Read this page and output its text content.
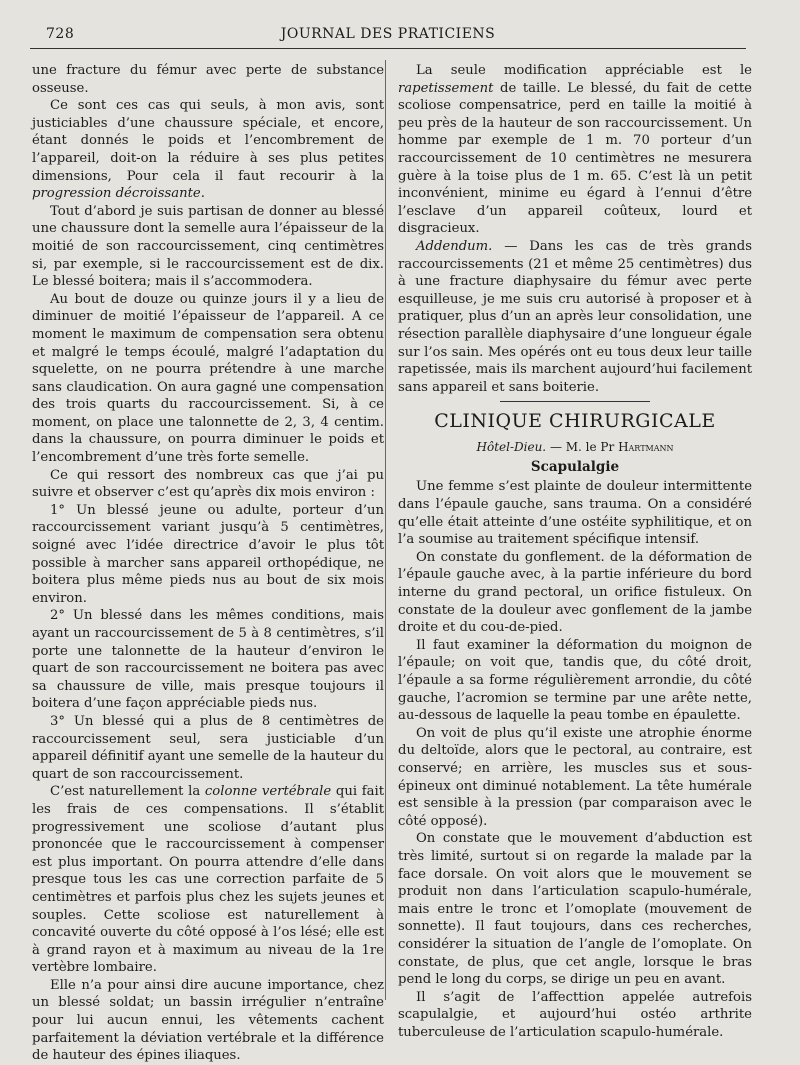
728	JOURNAL DES PRATICIENS

une fracture du fémur avec perte de substance osseuse.

Ce sont ces cas qui seuls, à mon avis, sont justiciables d’une chaussure spéciale, et encore, étant donnés le poids et l’encombrement de l’appareil, doit-on la réduire à ses plus petites dimensions, Pour cela il faut recourir à la progression décroissante.

Tout d’abord je suis partisan de donner au blessé une chaussure dont la semelle aura l’épaisseur de la moitié de son raccourcissement, cinq centimètres si, par exemple, si le raccourcissement est de dix. Le blessé boitera; mais il s’accommodera.

Au bout de douze ou quinze jours il y a lieu de diminuer de moitié l’épaisseur de l’appareil. A ce moment le maximum de compensation sera obtenu et malgré le temps écoulé, malgré l’adaptation du squelette, on ne pourra prétendre à une marche sans claudication. On aura gagné une compensation des trois quarts du raccourcissement. Si, à ce moment, on place une talonnette de 2, 3, 4 centim. dans la chaussure, on pourra diminuer le poids et l’encombrement d’une très forte semelle.

Ce qui ressort des nombreux cas que j’ai pu suivre et observer c’est qu’après dix mois environ :

1° Un blessé jeune ou adulte, porteur d’un raccourcissement variant jusqu’à 5 centimètres, soigné avec l’idée directrice d’avoir le plus tôt possible à marcher sans appareil orthopédique, ne boitera plus même pieds nus au bout de six mois environ.

2° Un blessé dans les mêmes conditions, mais ayant un raccourcissement de 5 à 8 centimètres, s’il porte une talonnette de la hauteur d’environ le quart de son raccourcissement ne boitera pas avec sa chaussure de ville, mais presque toujours il boitera d’une façon appréciable pieds nus.

3° Un blessé qui a plus de 8 centimètres de raccourcissement seul, sera justiciable d’un appareil définitif ayant une semelle de la hauteur du quart de son raccourcissement.

C’est naturellement la colonne vertébrale qui fait les frais de ces compensations. Il s’établit progressivement une scoliose d’autant plus prononcée que le raccourcissement à compenser est plus important. On pourra attendre d’elle dans presque tous les cas une correction parfaite de 5 centimètres et parfois plus chez les sujets jeunes et souples. Cette scoliose est naturellement à concavité ouverte du côté opposé à l’os lésé; elle est à grand rayon et à maximum au niveau de la 1re vertèbre lombaire.

Elle n’a pour ainsi dire aucune importance, chez un blessé soldat; un bassin irrégulier n’entraîne pour lui aucun ennui, les vêtements cachent parfaitement la déviation vertébrale et la différence de hauteur des épines iliaques.

La seule modification appréciable est le rapetissement de taille. Le blessé, du fait de cette scoliose compensatrice, perd en taille la moitié à peu près de la hauteur de son raccourcissement. Un homme par exemple de 1 m. 70 porteur d’un raccourcissement de 10 centimètres ne mesurera guère à la toise plus de 1 m. 65. C’est là un petit inconvénient, minime eu égard à l’ennui d’être l’esclave d’un appareil coûteux, lourd et disgracieux.

Addendum. — Dans les cas de très grands raccourcissements (21 et même 25 centimètres) dus à une fracture diaphysaire du fémur avec perte esquilleuse, je me suis cru autorisé à proposer et à pratiquer, plus d’un an après leur consolidation, une résection parallèle diaphysaire d’une longueur égale sur l’os sain. Mes opérés ont eu tous deux leur taille rapetissée, mais ils marchent aujourd’hui facilement sans appareil et sans boiterie.

CLINIQUE CHIRURGICALE

Hôtel-Dieu. — M. le Pr Hartmann

Scapulalgie

Une femme s’est plainte de douleur intermittente dans l’épaule gauche, sans trauma. On a considéré qu’elle était atteinte d’une ostéite syphilitique, et on l’a soumise au traitement spécifique intensif.

On constate du gonflement. de la déformation de l’épaule gauche avec, à la partie inférieure du bord interne du grand pectoral, un orifice fistuleux. On constate de la douleur avec gonflement de la jambe droite et du cou-de-pied.

Il faut examiner la déformation du moignon de l’épaule; on voit que, tandis que, du côté droit, l’épaule a sa forme régulièrement arrondie, du côté gauche, l’acromion se termine par une arête nette, au-dessous de laquelle la peau tombe en épaulette.

On voit de plus qu’il existe une atrophie énorme du deltoïde, alors que le pectoral, au contraire, est conservé; en arrière, les muscles sus et sous-épineux ont diminué notablement. La tête humérale est sensible à la pression (par comparaison avec le côté opposé).

On constate que le mouvement d’abduction est très limité, surtout si on regarde la malade par la face dorsale. On voit alors que le mouvement se produit non dans l’articulation scapulo-humérale, mais entre le tronc et l’omoplate (mouvement de sonnette). Il faut toujours, dans ces recherches, considérer la situation de l’angle de l’omoplate. On constate, de plus, que cet angle, lorsque le bras pend le long du corps, se dirige un peu en avant.

Il s’agit de l’affecttion appelée autrefois scapulalgie, et aujourd’hui ostéo arthrite tuberculeuse de l’articulation scapulo-humérale.
